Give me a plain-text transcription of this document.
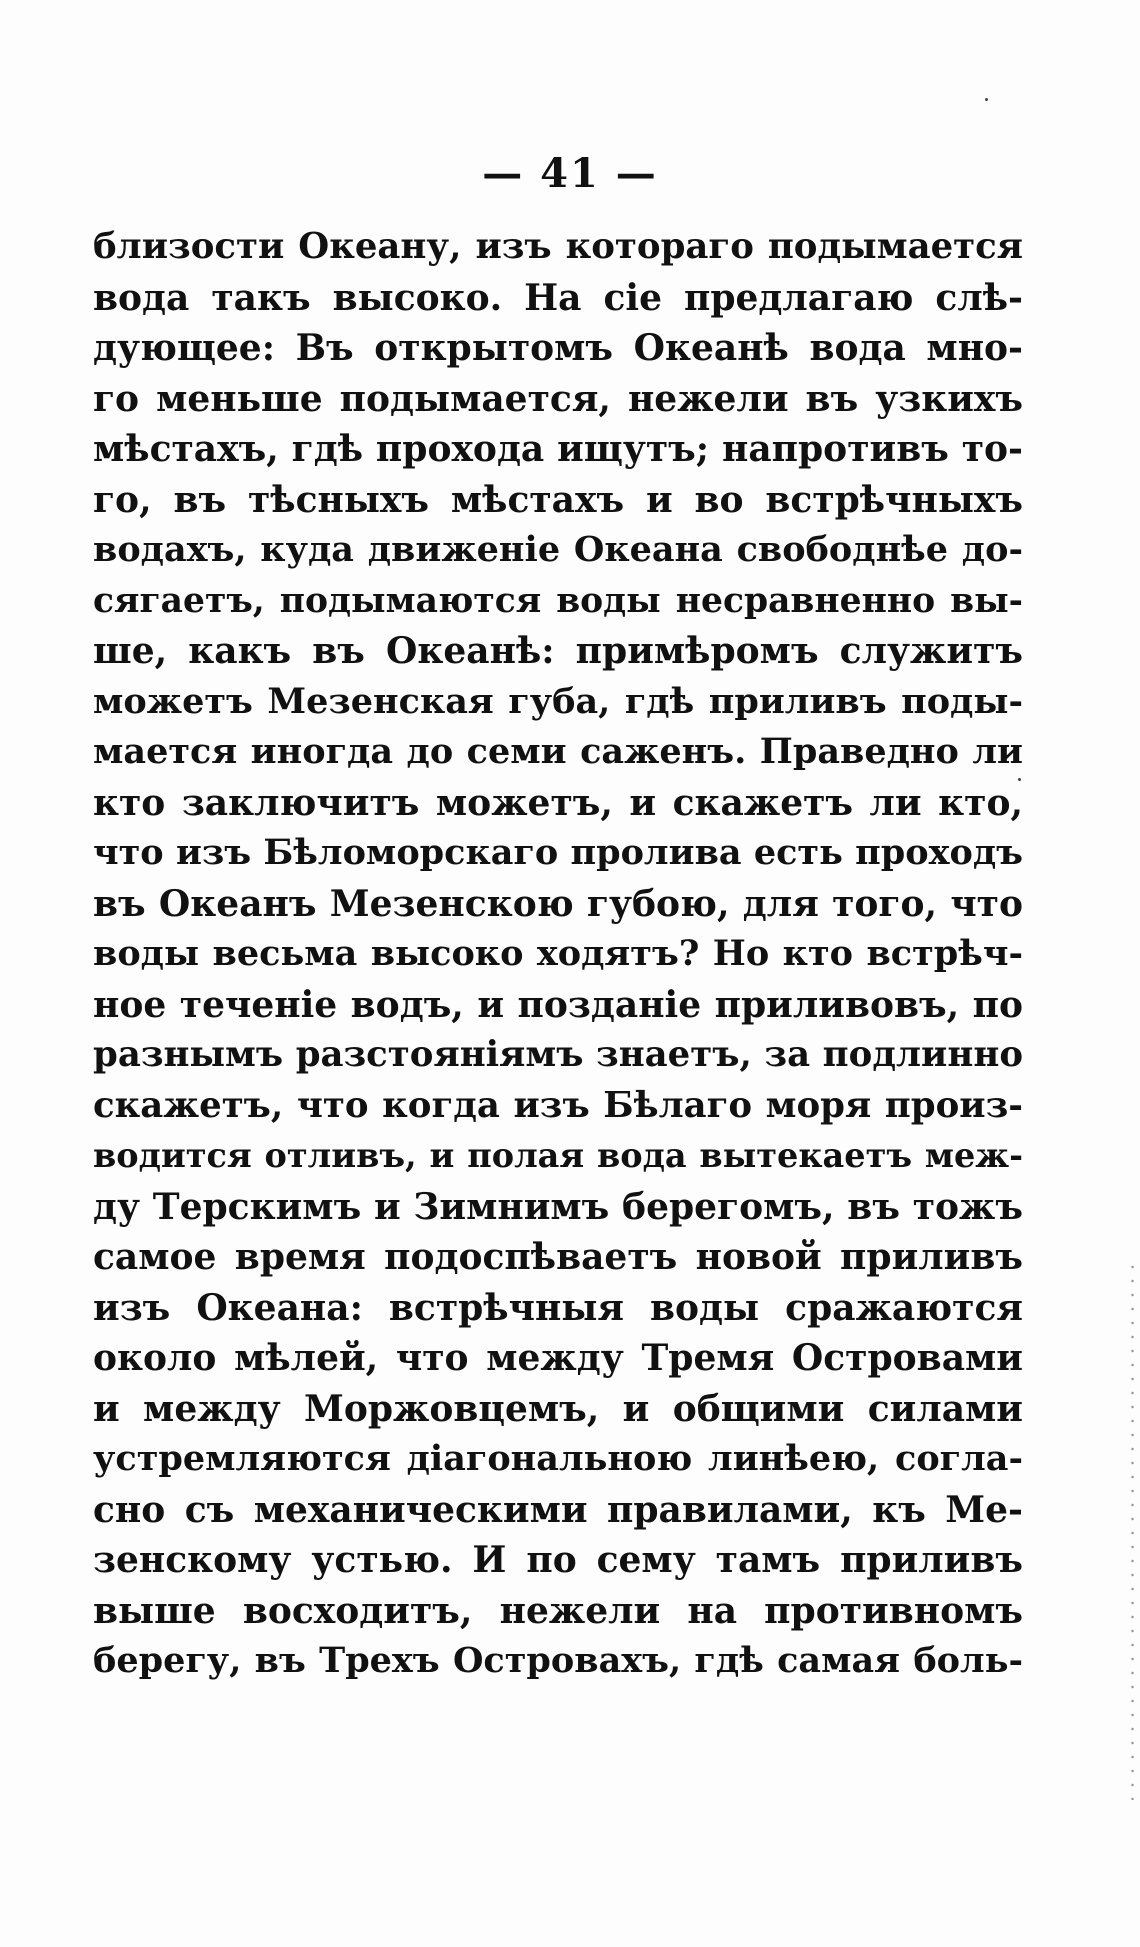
— 41 —
близости Океану, изъ котораго подымается
вода такъ высоко. На сіе предлагаю слѣ-
дующее: Въ открытомъ Океанѣ вода мно-
го меньше подымается, нежели въ узкихъ
мѣстахъ, гдѣ прохода ищутъ; напротивъ то-
го, въ тѣсныхъ мѣстахъ и во встрѣчныхъ
водахъ, куда движеніе Океана свободнѣе до-
сягаетъ, подымаются воды несравненно вы-
ше, какъ въ Океанѣ: примѣромъ служитъ
можетъ Мезенская губа, гдѣ приливъ поды-
мается иногда до семи саженъ. Праведно ли
кто заключитъ можетъ, и скажетъ ли кто,
что изъ Бѣломорскаго пролива есть проходъ
въ Океанъ Мезенскою губою, для того, что
воды весьма высоко ходятъ? Но кто встрѣч-
ное теченіе водъ, и позданіе приливовъ, по
разнымъ разстояніямъ знаетъ, за подлинно
скажетъ, что когда изъ Бѣлаго моря произ-
водится отливъ, и полая вода вытекаетъ меж-
ду Терскимъ и Зимнимъ берегомъ, въ тожъ
самое время подоспѣваетъ новой приливъ
изъ Океана: встрѣчныя воды сражаются
около мѣлей, что между Тремя Островами
и между Моржовцемъ, и общими силами
устремляются діагональною линѣею, согла-
сно съ механическими правилами, къ Ме-
зенскому устью. И по сему тамъ приливъ
выше восходитъ, нежели на противномъ
берегу, въ Трехъ Островахъ, гдѣ самая боль-
